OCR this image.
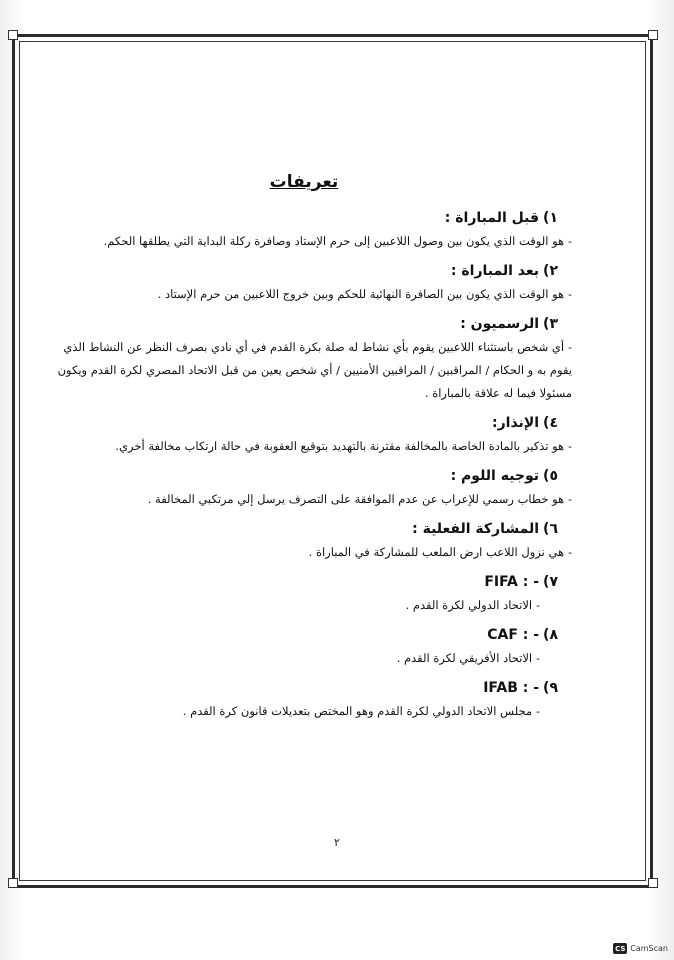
تعريفات
١)قبل المباراة :
-هو الوقت الذي يكون بين وصول اللاعبين إلى حرم الإستاد وصافرة ركلة البداية التي يطلقها الحكم.
٢)بعد المباراة :
-هو الوقت الذي يكون بين الصافرة النهائية للحكم وبين خروج اللاعبين من حرم الإستاد .
٣)الرسميون :
-أي شخص باستثناء اللاعبين يقوم بأي نشاط له صلة بكرة القدم في أي نادي بصرف النظر عن النشاط الذي يقوم به و الحكام / المراقبين / المراقبين الأمنيين / أي شخص يعين من قبل الاتحاد المصري لكرة القدم ويكون مسئولا فيما له علاقة بالمباراة .
٤)الإنذار:
-هو تذكير بالمادة الخاصة بالمخالفة مقترنة بالتهديد بتوقيع العقوبة في حالة ارتكاب مخالفة أخري.
٥)توجيه اللوم :
-هو خطاب رسمي للإعراب عن عدم الموافقة على التصرف يرسل إلي مرتكبي المخالفة .
٦)المشاركة الفعلية :
-هي نزول اللاعب ارض الملعب للمشاركة في المباراة .
٧)FIFA : -
-الاتحاد الدولي لكرة القدم .
٨)CAF : -
-الاتحاد الأفريقي لكرة القدم .
٩)IFAB : -
-مجلس الاتحاد الدولي لكرة القدم وهو المختص بتعديلات قانون كرة القدم .
٢
CS CamScan
